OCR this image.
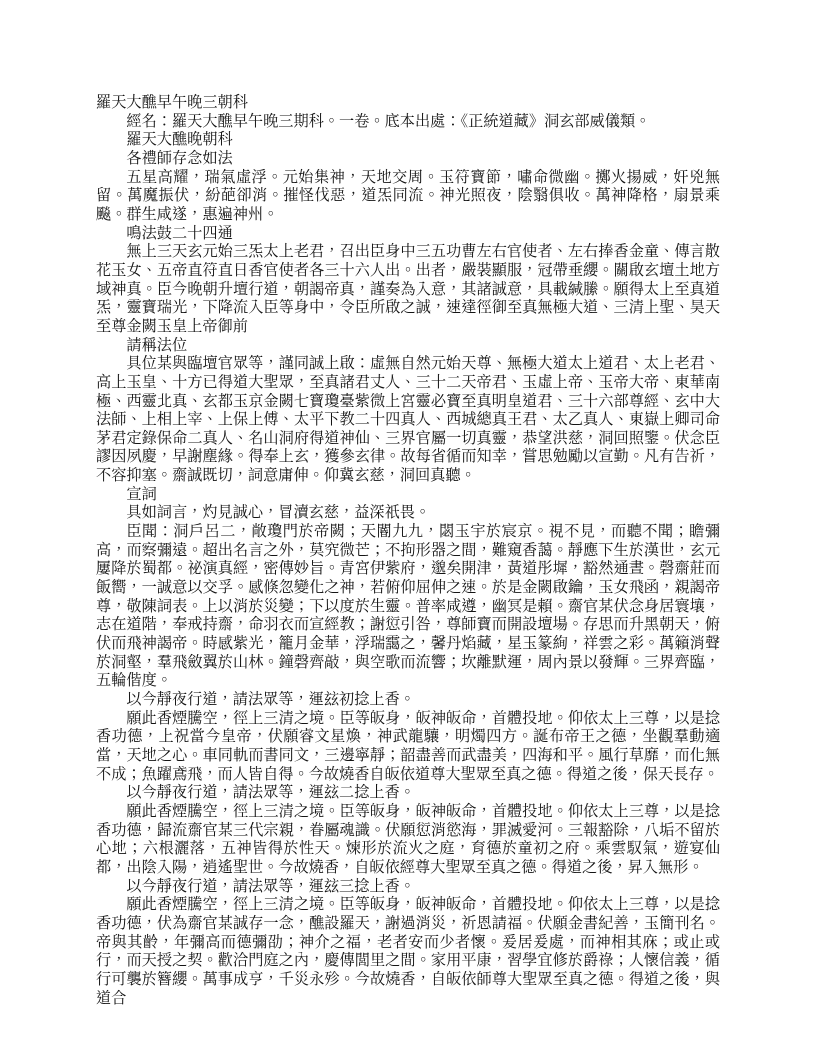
羅天大醮早午晚三朝科

經名：羅天大醮早午晚三期科。一卷。底本出處：《正統道藏》洞玄部威儀類。

羅天大醮晚朝科

各禮師存念如法

五星高耀，瑞氣虛浮。元始集神，天地交周。玉符寶節，嘯命微幽。擲火揚威，奸兇無留。萬魔振伏，紛葩卻消。摧怪伐惡，道炁同流。神光照夜，陰翳俱收。萬神降格，扇景乘飈。群生咸遂，惠遍神州。

鳴法鼓二十四通

無上三天玄元始三炁太上老君，召出臣身中三五功曹左右官使者、左右捧香金童、傳言散花玉女、五帝直符直日香官使者各三十六人出。出者，嚴裝顯服，冠帶垂纓。關啟玄壇土地方域神真。臣今晚朝升壇行道，朝謁帝真，謹奏為入意，其諸誠意，具載緘縢。願得太上至真道炁，靈寶瑞光，下降流入臣等身中，令臣所啟之誠，速達徑御至真無極大道、三清上聖、昊天至尊金闕玉皇上帝御前

請稱法位

具位某與臨壇官眾等，謹同誠上啟：虛無自然元始天尊、無極大道太上道君、太上老君、高上玉皇、十方已得道大聖眾，至真諸君丈人、三十二天帝君、玉虛上帝、玉帝大帝、東華南極、西靈北真、玄都玉京金闕七寶瓊臺紫微上宮靈必寶至真明皇道君、三十六部尊經、玄中大法師、上相上宰、上保上傅、太平下教二十四真人、西城總真王君、太乙真人、東嶽上卿司命茅君定錄保命二真人、名山洞府得道神仙、三界官屬一切真靈，恭望洪慈，洞回照鑒。伏念臣謬因夙慶，早謝塵緣。得奉上玄，獲參玄律。故每省循而知幸，嘗思勉勵以宣勤。凡有告祈，不容抑塞。齋誠既切，詞意庸伸。仰冀玄慈，洞回真聽。

宣詞

具如詞言，灼見誠心，冒瀆玄慈，益深祇畏。

臣聞：洞戶呂二，敞瓊門於帝闕；天閽九九，閟玉宇於宸京。視不見，而聽不聞；瞻彌高，而察彌遠。超出名言之外，莫究微芒；不拘形器之間，難窺香藹。靜應下生於漢世，玄元屢降於蜀都。祕演真經，密傳妙旨。青宮伊紫府，邈矣開津，黃道彤墀，豁然通晝。磬齋莊而飯嚮，一誠意以交孚。感倏忽變化之神，若俯仰屈伸之速。於是金闕啟鑰，玉女飛函，親謁帝尊，敬陳詞表。上以消於災變；下以度於生靈。普率咸遵，幽冥是賴。齋官某伏念身居寰壤，志在道階，奉戒持齋，命羽衣而宣經教；謝愆引咎，尊師寶而開設壇場。存思而升黑朝天，俯伏而飛神謁帝。時感紫光，籠月金華，浮瑞靄之，馨丹焰藏，星玉篆絢，祥雲之彩。萬籟消聲於洞壑，羣飛斂翼於山林。鐘磬齊敲，與空歌而流響；坎離默運，周內景以發輝。三界齊臨，五輪偕度。

以今靜夜行道，請法眾等，運玆初捻上香。

願此香煙騰空，徑上三清之境。臣等皈身，皈神皈命，首體投地。仰依太上三尊，以是捻香功德，上祝當今皇帝，伏願睿文星煥，神武龍驤，明燭四方。誕布帝王之德，坐觀羣動適當，天地之心。車同軌而書同文，三邊寧靜；韶盡善而武盡美，四海和平。風行草靡，而化無不成；魚躍鳶飛，而人皆自得。今故燒香自皈依道尊大聖眾至真之德。得道之後，保天長存。

以今靜夜行道，請法眾等，運玆二捻上香。

願此香煙騰空，徑上三清之境。臣等皈身，皈神皈命，首體投地。仰依太上三尊，以是捻香功德，歸流齋官某三代宗親，眷屬魂識。伏願愆消慾海，罪滅愛河。三報豁除，八垢不留於心地；六根灑落，五神皆得於性天。煉形於流火之庭，育德於童初之府。乘雲馭氣，遊宴仙都，出陰入陽，逍遙聖世。今故燒香，自皈依經尊大聖眾至真之德。得道之後，昇入無形。

以今靜夜行道，請法眾等，運玆三捻上香。

願此香煙騰空，徑上三清之境。臣等皈身，皈神皈命，首體投地。仰依太上三尊，以是捻香功德，伏為齋官某誠存一念，醮設羅天，謝過消災，祈恩請福。伏願金書紀善，玉簡刊名。帝與其齡，年彌高而德彌劭；神介之福，老者安而少者懷。爰居爰處，而神相其庥；或止或行，而天授之契。歡洽門庭之內，慶傳閭里之間。家用平康，習學宜修於爵祿；人懷信義，循行可襲於簪纓。萬事成亨，千災永殄。今故燒香，自皈依師尊大聖眾至真之德。得道之後，與道合
